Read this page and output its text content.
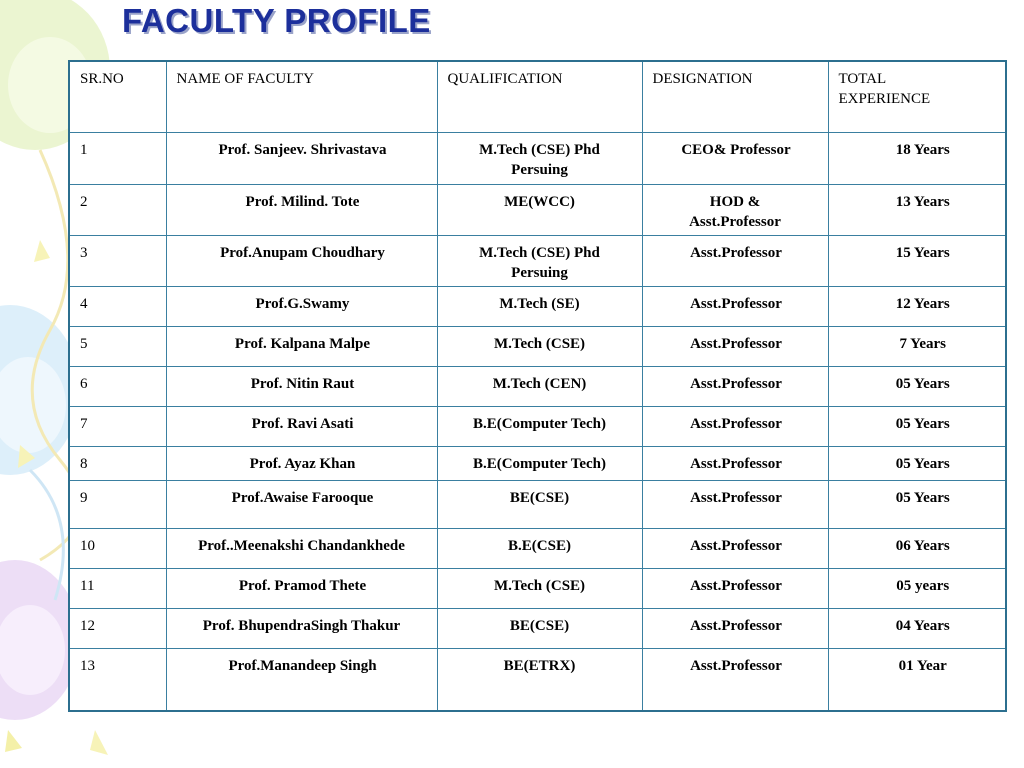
FACULTY PROFILE
SR.NO	NAME OF FACULTY	QUALIFICATION	DESIGNATION	TOTAL EXPERIENCE
1	Prof. Sanjeev. Shrivastava	M.Tech (CSE) Phd Persuing	CEO& Professor	18 Years
2	Prof. Milind. Tote	ME(WCC)	HOD & Asst.Professor	13 Years
3	Prof.Anupam Choudhary	M.Tech (CSE) Phd Persuing	Asst.Professor	15 Years
4	Prof.G.Swamy	M.Tech (SE)	Asst.Professor	12 Years
5	Prof. Kalpana Malpe	M.Tech (CSE)	Asst.Professor	7 Years
6	Prof. Nitin Raut	M.Tech (CEN)	Asst.Professor	05 Years
7	Prof. Ravi Asati	B.E(Computer Tech)	Asst.Professor	05 Years
8	Prof. Ayaz Khan	B.E(Computer Tech)	Asst.Professor	05 Years
9	Prof.Awaise Farooque	BE(CSE)	Asst.Professor	05 Years
10	Prof..Meenakshi Chandankhede	B.E(CSE)	Asst.Professor	06 Years
11	Prof. Pramod Thete	M.Tech (CSE)	Asst.Professor	05 years
12	Prof. BhupendraSingh Thakur	BE(CSE)	Asst.Professor	04 Years
13	Prof.Manandeep Singh	BE(ETRX)	Asst.Professor	01 Year
